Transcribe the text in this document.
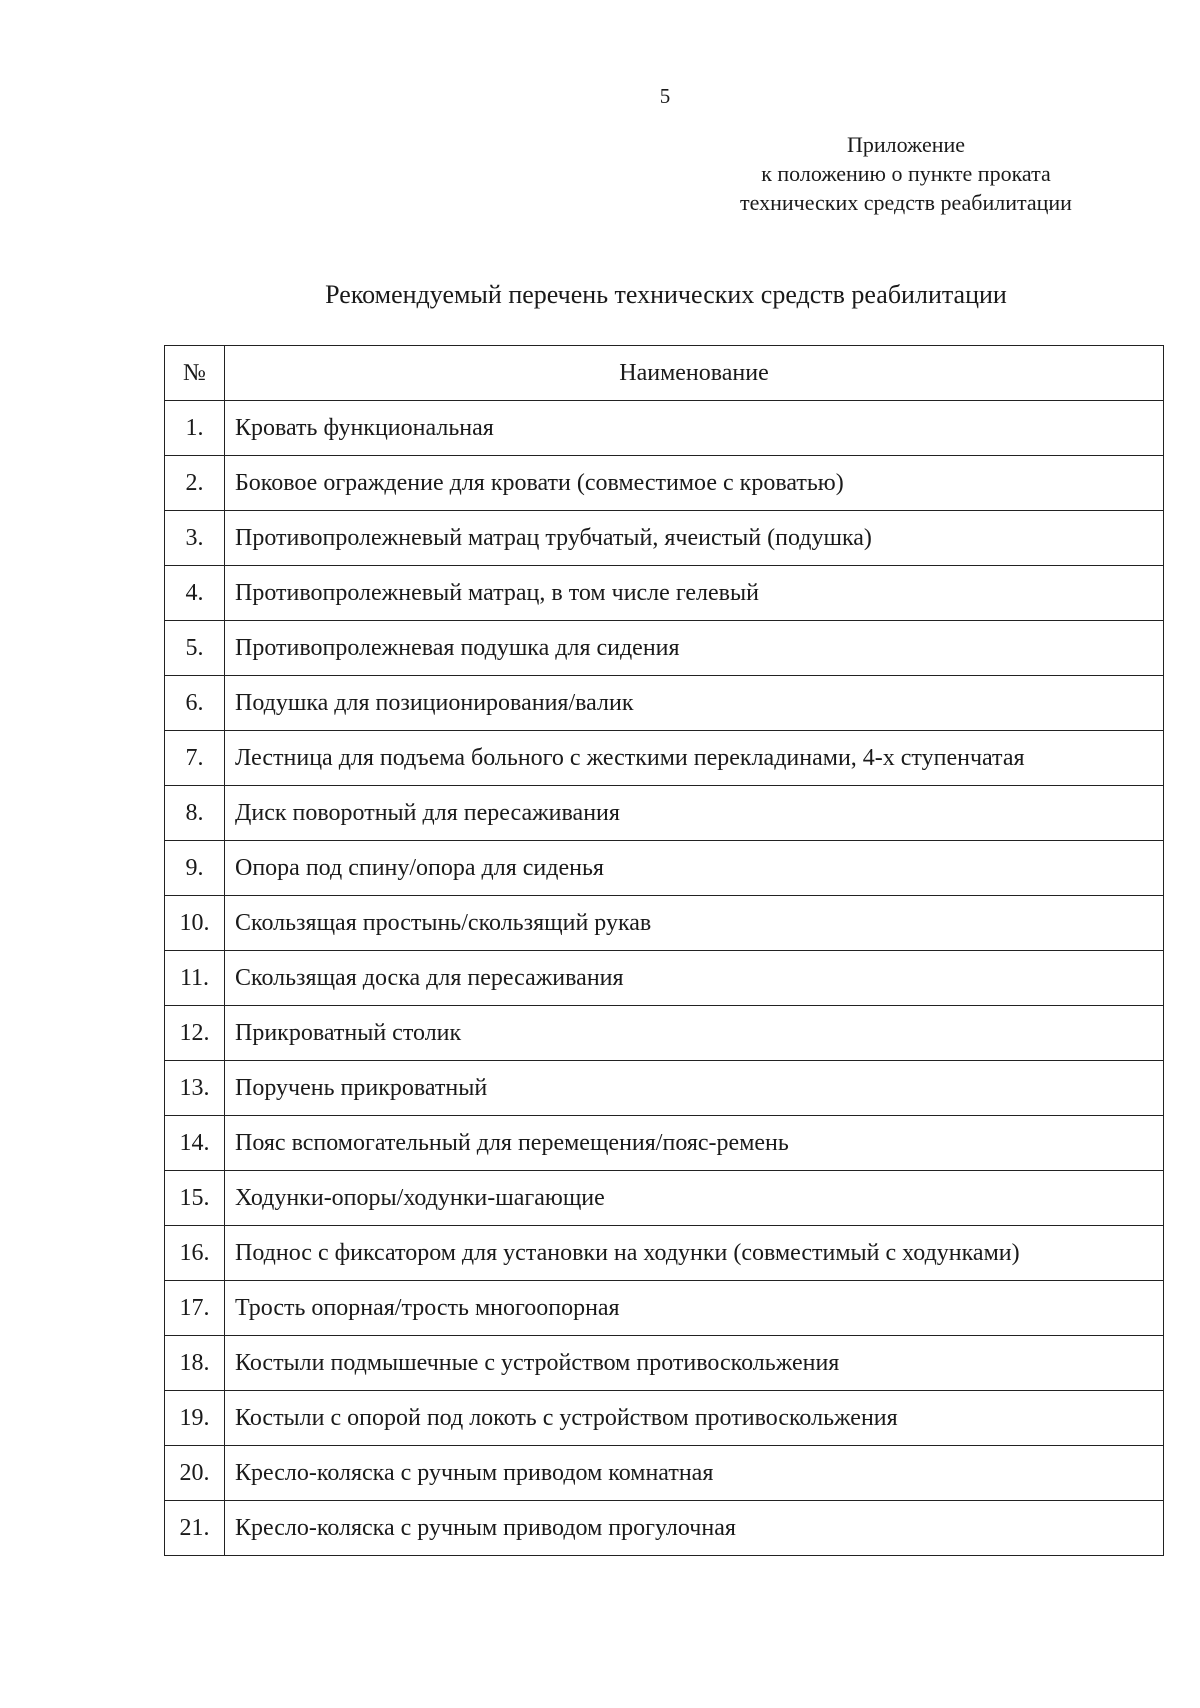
5
Приложение
к положению о пункте проката
технических средств реабилитации
Рекомендуемый перечень технических средств реабилитации
№	Наименование
1.	Кровать функциональная
2.	Боковое ограждение для кровати (совместимое с кроватью)
3.	Противопролежневый матрац трубчатый, ячеистый (подушка)
4.	Противопролежневый матрац, в том числе гелевый
5.	Противопролежневая подушка для сидения
6.	Подушка для позиционирования/валик
7.	Лестница для подъема больного с жесткими перекладинами, 4-х ступенчатая
8.	Диск поворотный для пересаживания
9.	Опора под спину/опора для сиденья
10.	Скользящая простынь/скользящий рукав
11.	Скользящая доска для пересаживания
12.	Прикроватный столик
13.	Поручень прикроватный
14.	Пояс вспомогательный для перемещения/пояс-ремень
15.	Ходунки-опоры/ходунки-шагающие
16.	Поднос с фиксатором для установки на ходунки (совместимый с ходунками)
17.	Трость опорная/трость многоопорная
18.	Костыли подмышечные с устройством противоскольжения
19.	Костыли с опорой под локоть с устройством противоскольжения
20.	Кресло-коляска с ручным приводом комнатная
21.	Кресло-коляска с ручным приводом прогулочная
